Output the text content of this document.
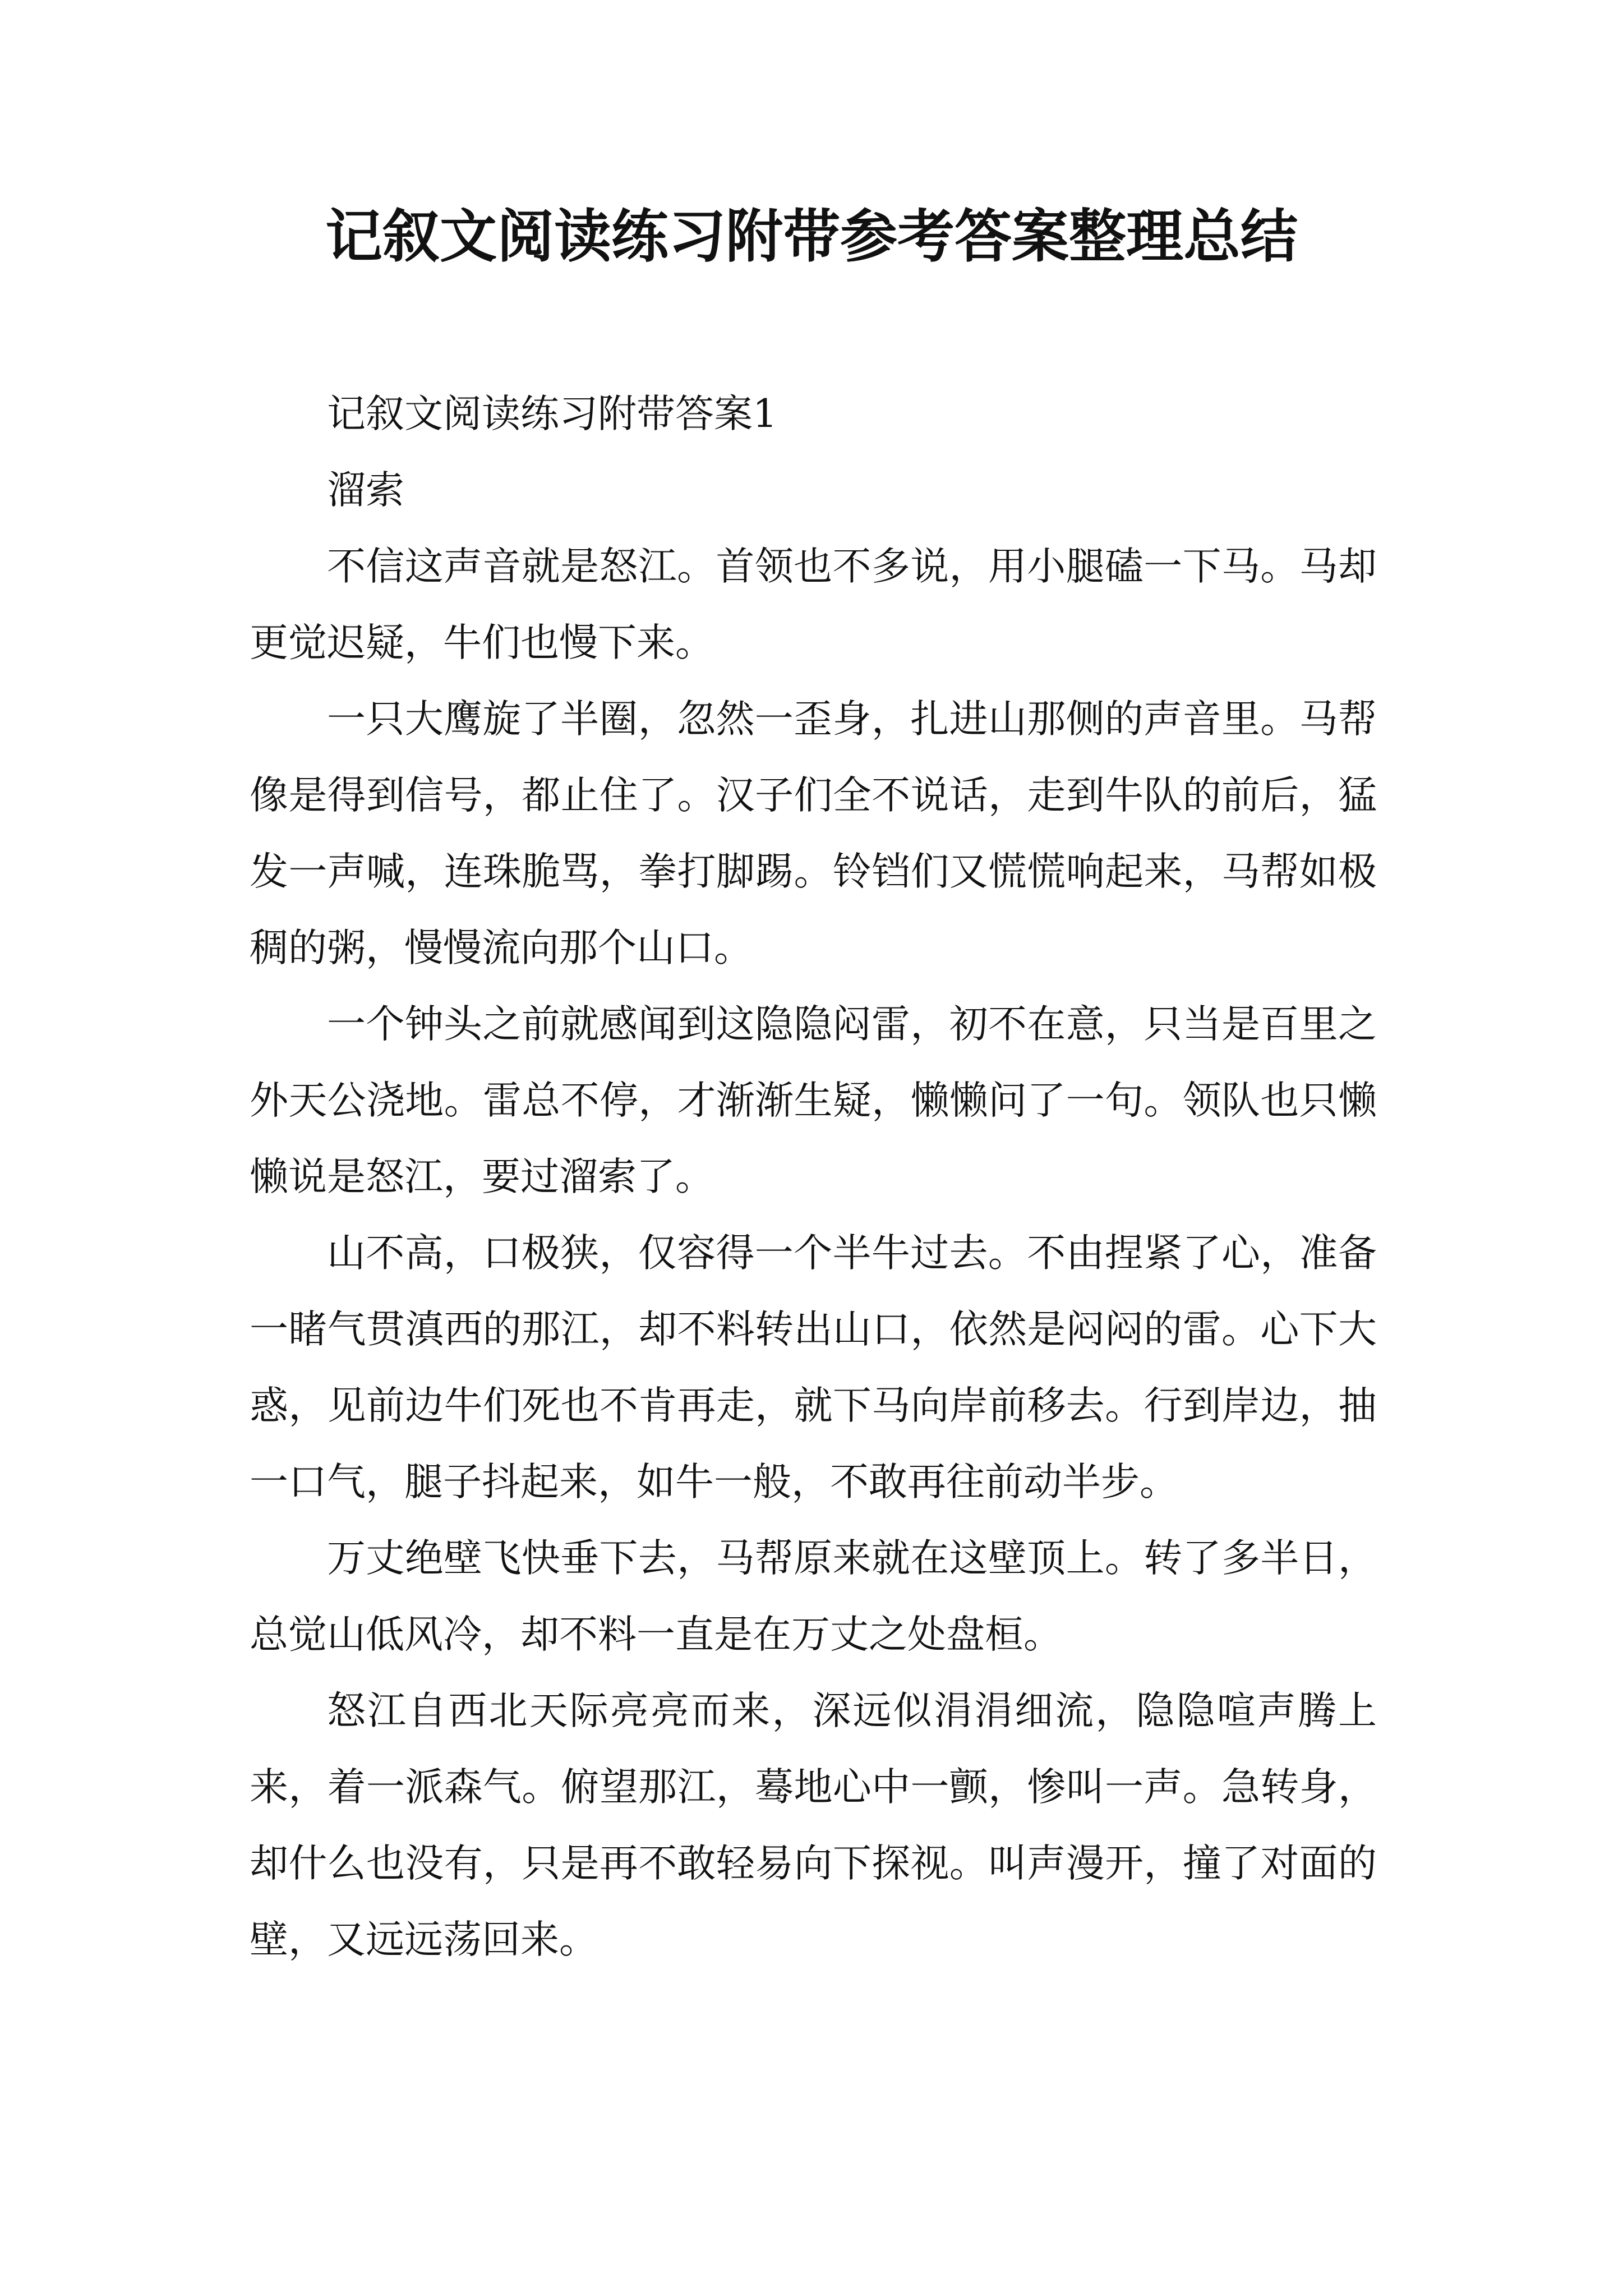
记叙文阅读练习附带参考答案整理总结

记叙文阅读练习附带答案1

溜索

不信这声音就是怒江。首领也不多说，用小腿磕一下马。马却更觉迟疑，牛们也慢下来。

一只大鹰旋了半圈，忽然一歪身，扎进山那侧的声音里。马帮像是得到信号，都止住了。汉子们全不说话，走到牛队的前后，猛发一声喊，连珠脆骂，拳打脚踢。铃铛们又慌慌响起来，马帮如极稠的粥，慢慢流向那个山口。

一个钟头之前就感闻到这隐隐闷雷，初不在意，只当是百里之外天公浇地。雷总不停，才渐渐生疑，懒懒问了一句。领队也只懒懒说是怒江，要过溜索了。

山不高，口极狭，仅容得一个半牛过去。不由捏紧了心，准备一睹气贯滇西的那江，却不料转出山口，依然是闷闷的雷。心下大惑，见前边牛们死也不肯再走，就下马向岸前移去。行到岸边，抽一口气，腿子抖起来，如牛一般，不敢再往前动半步。

万丈绝壁飞快垂下去，马帮原来就在这壁顶上。转了多半日，总觉山低风冷，却不料一直是在万丈之处盘桓。

怒江自西北天际亮亮而来，深远似涓涓细流，隐隐喧声腾上来，着一派森气。俯望那江，蓦地心中一颤，惨叫一声。急转身，却什么也没有，只是再不敢轻易向下探视。叫声漫开，撞了对面的壁，又远远荡回来。
